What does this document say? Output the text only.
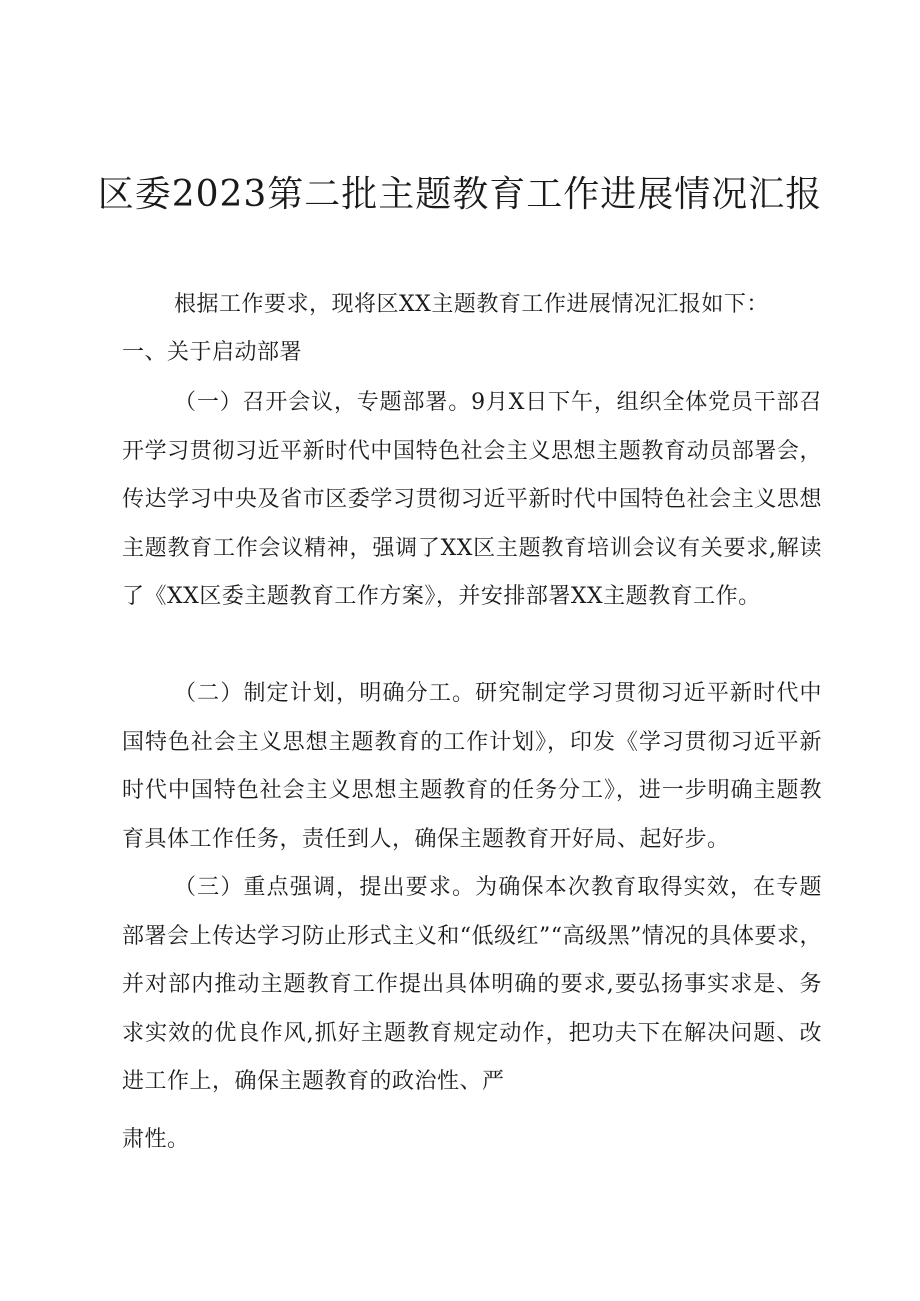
区委2023第二批主题教育工作进展情况汇报
根据工作要求，现将区XX主题教育工作进展情况汇报如下：
一、关于启动部署
（一）召开会议，专题部署。9月X日下午，组织全体党员干部召开学习贯彻习近平新时代中国特色社会主义思想主题教育动员部署会，传达学习中央及省市区委学习贯彻习近平新时代中国特色社会主义思想主题教育工作会议精神，强调了XX区主题教育培训会议有关要求,解读了《XX区委主题教育工作方案》，并安排部署XX主题教育工作。
（二）制定计划，明确分工。研究制定学习贯彻习近平新时代中国特色社会主义思想主题教育的工作计划》，印发《学习贯彻习近平新时代中国特色社会主义思想主题教育的任务分工》，进一步明确主题教育具体工作任务，责任到人，确保主题教育开好局、起好步。
（三）重点强调，提出要求。为确保本次教育取得实效，在专题部署会上传达学习防止形式主义和“低级红”“高级黑”情况的具体要求，并对部内推动主题教育工作提出具体明确的要求,要弘扬事实求是、务求实效的优良作风,抓好主题教育规定动作，把功夫下在解决问题、改进工作上，确保主题教育的政治性、严
肃性。
